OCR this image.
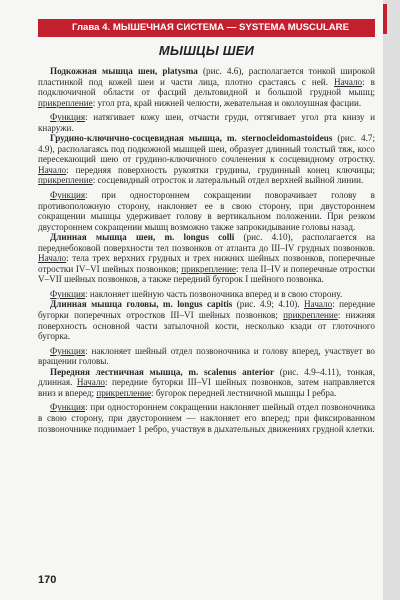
Глава 4. МЫШЕЧНАЯ СИСТЕМА — SYSTEMA MUSCULARE
МЫШЦЫ ШЕИ

Подкожная мышца шеи, platysma (рис. 4.6), располагается тонкой широкой пластинкой под кожей шеи и части лица, плотно срастаясь с ней. Начало: в подключичной области от фасций дельтовидной и большой грудной мышц; прикрепление: угол рта, край нижней челюсти, жевательная и околоушная фасции.

Функция: натягивает кожу шеи, отчасти груди, оттягивает угол рта книзу и кнаружи.

Грудино-ключично-сосцевидная мышца, m. sternocleidomastoideus (рис. 4.7; 4.9), располагаясь под подкожной мышцей шеи, образует длинный толстый тяж, косо пересекающий шею от грудино-ключичного сочленения к сосцевидному отростку. Начало: передняя поверхность рукоятки грудины, грудинный конец ключицы; прикрепление: сосцевидный отросток и латеральный отдел верхней выйной линии.

Функция: при одностороннем сокращении поворачивает голову в противоположную сторону, наклоняет ее в свою сторону, при двустороннем сокращении мышцы удерживает голову в вертикальном положении. При резком двустороннем сокращении мышц возможно также запрокидывание головы назад.

Длинная мышца шеи, m. longus colli (рис. 4.10), располагается на переднебоковой поверхности тел позвонков от атланта до III–IV грудных позвонков. Начало: тела трех верхних грудных и трех нижних шейных позвонков, поперечные отростки IV–VI шейных позвонков; прикрепление: тела II–IV и поперечные отростки V–VII шейных позвонков, а также передний бугорок I шейного позвонка.

Функция: наклоняет шейную часть позвоночника вперед и в свою сторону.

Длинная мышца головы, m. longus capitis (рис. 4.9; 4.10). Начало: передние бугорки поперечных отростков III–VI шейных позвонков; прикрепление: нижняя поверхность основной части затылочной кости, несколько кзади от глоточного бугорка.

Функция: наклоняет шейный отдел позвоночника и голову вперед, участвует во вращении головы.

Передняя лестничная мышца, m. scalenus anterior (рис. 4.9–4.11), тонкая, длинная. Начало: передние бугорки III–VI шейных позвонков, затем направляется вниз и вперед; прикрепление: бугорок передней лестничной мышцы I ребра.

Функция: при одностороннем сокращении наклоняет шейный отдел позвоночника в свою сторону, при двустороннем — наклоняет его вперед; при фиксированном позвоночнике поднимает 1 ребро, участвуя в дыхательных движениях грудной клетки.

170
